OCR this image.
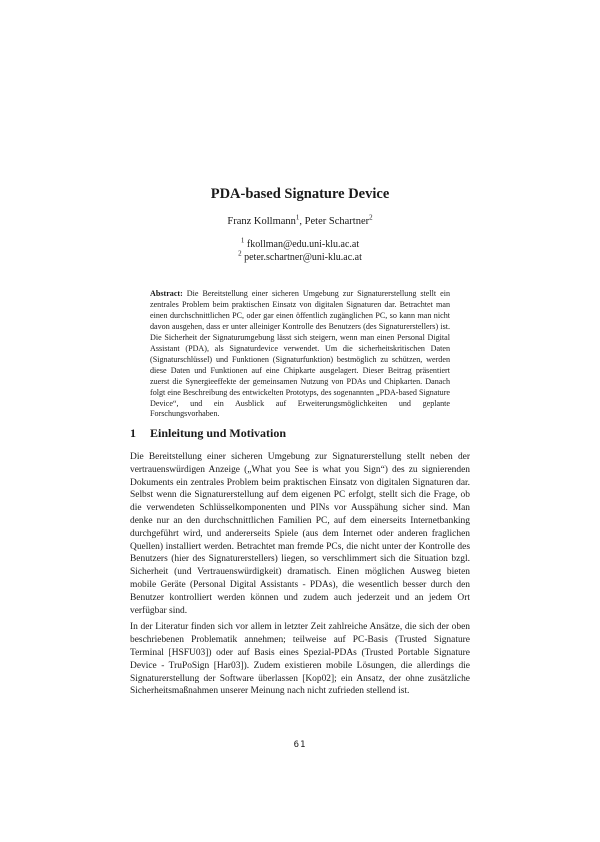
PDA-based Signature Device
Franz Kollmann$^1$, Peter Schartner$^2$
$^1$ fkollman@edu.uni-klu.ac.at
$^2$ peter.schartner@uni-klu.ac.at

Abstract: Die Bereitstellung einer sicheren Umgebung zur Signaturerstellung stellt ein zentrales Problem beim praktischen Einsatz von digitalen Signaturen dar. Betrachtet man einen durchschnittlichen PC, oder gar einen öffentlich zugänglichen PC, so kann man nicht davon ausgehen, dass er unter alleiniger Kontrolle des Benutzers (des Signaturerstellers) ist. Die Sicherheit der Signaturumgebung lässt sich steigern, wenn man einen Personal Digital Assistant (PDA), als Signaturdevice verwendet. Um die sicherheitskritischen Daten (Signaturschlüssel) und Funktionen (Signaturfunktion) bestmöglich zu schützen, werden diese Daten und Funktionen auf eine Chipkarte ausgelagert. Dieser Beitrag präsentiert zuerst die Synergieeffekte der gemeinsamen Nutzung von PDAs und Chipkarten. Danach folgt eine Beschreibung des entwickelten Prototyps, des sogenannten „PDA-based Signature Device“, und ein Ausblick auf Erweiterungsmöglichkeiten und geplante Forschungsvorhaben.

1 Einleitung und Motivation

Die Bereitstellung einer sicheren Umgebung zur Signaturerstellung stellt neben der vertrauenswürdigen Anzeige („What you See is what you Sign“) des zu signierenden Dokuments ein zentrales Problem beim praktischen Einsatz von digitalen Signaturen dar. Selbst wenn die Signaturerstellung auf dem eigenen PC erfolgt, stellt sich die Frage, ob die verwendeten Schlüsselkomponenten und PINs vor Ausspähung sicher sind. Man denke nur an den durchschnittlichen Familien PC, auf dem einerseits Internetbanking durchgeführt wird, und andererseits Spiele (aus dem Internet oder anderen fraglichen Quellen) installiert werden. Betrachtet man fremde PCs, die nicht unter der Kontrolle des Benutzers (hier des Signaturerstellers) liegen, so verschlimmert sich die Situation bzgl. Sicherheit (und Vertrauenswürdigkeit) dramatisch. Einen möglichen Ausweg bieten mobile Geräte (Personal Digital Assistants - PDAs), die wesentlich besser durch den Benutzer kontrolliert werden können und zudem auch jederzeit und an jedem Ort verfügbar sind.

In der Literatur finden sich vor allem in letzter Zeit zahlreiche Ansätze, die sich der oben beschriebenen Problematik annehmen; teilweise auf PC-Basis (Trusted Signature Terminal [HSFU03]) oder auf Basis eines Spezial-PDAs (Trusted Portable Signature Device - TruPoSign [Har03]). Zudem existieren mobile Lösungen, die allerdings die Signaturerstellung der Software überlassen [Kop02]; ein Ansatz, der ohne zusätzliche Sicherheitsmaßnahmen unserer Meinung nach nicht zufrieden stellend ist.

61
